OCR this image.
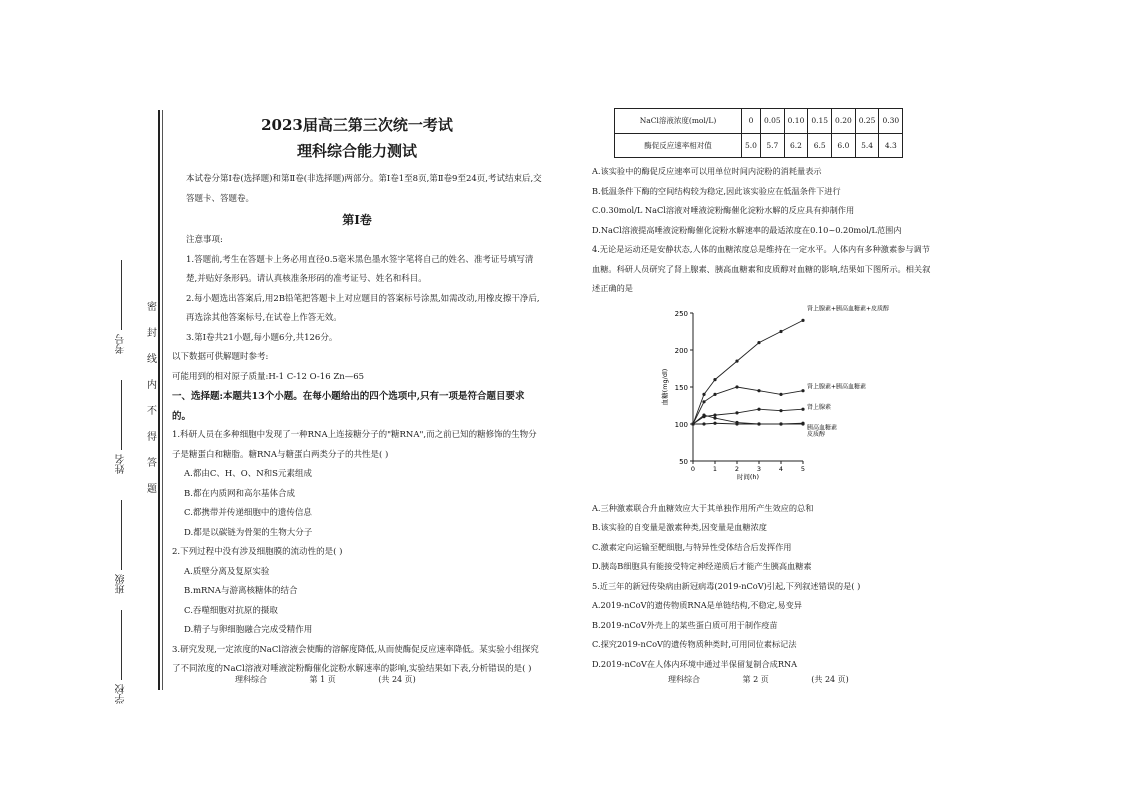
考号
姓名
班级
学校
密
封
线
内
不
得
答
题

2023届高三第三次统一考试

理科综合能力测试

本试卷分第Ⅰ卷(选择题)和第Ⅱ卷(非选择题)两部分。第Ⅰ卷1至8页,第Ⅱ卷9至24页,考试结束后,交答题卡、答题卷。

第Ⅰ卷

注意事项:

1.答题前,考生在答题卡上务必用直径0.5毫米黑色墨水签字笔将自己的姓名、准考证号填写清楚,并贴好条形码。请认真核准条形码的准考证号、姓名和科目。

2.每小题选出答案后,用2B铅笔把答题卡上对应题目的答案标号涂黑,如需改动,用橡皮擦干净后,再选涂其他答案标号,在试卷上作答无效。

3.第Ⅰ卷共21小题,每小题6分,共126分。

以下数据可供解题时参考:

可能用到的相对原子质量:H-1 C-12 O-16 Zn—65

一、选择题:本题共13个小题。在每小题给出的四个选项中,只有一项是符合题目要求的。

1.科研人员在多种细胞中发现了一种RNA上连接糖分子的"糖RNA",而之前已知的糖修饰的生物分子是糖蛋白和糖脂。糖RNA与糖蛋白两类分子的共性是( )

A.都由C、H、O、N和S元素组成

B.都在内质网和高尔基体合成

C.都携带并传递细胞中的遗传信息

D.都是以碳链为骨架的生物大分子

2.下列过程中没有涉及细胞膜的流动性的是( )

A.质壁分离及复原实验

B.mRNA与游离核糖体的结合

C.吞噬细胞对抗原的摄取

D.精子与卵细胞融合完成受精作用

3.研究发现,一定浓度的NaCl溶液会使酶的溶解度降低,从而使酶促反应速率降低。某实验小组探究了不同浓度的NaCl溶液对唾液淀粉酶催化淀粉水解速率的影响,实验结果如下表,分析错误的是( )

理科综合	第 1 页	(共 24 页)
NaCl溶液浓度(mol/L)	0	0.05	0.10	0.15	0.20	0.25	0.30
酶促反应速率相对值	5.0	5.7	6.2	6.5	6.0	5.4	4.3

A.该实验中的酶促反应速率可以用单位时间内淀粉的消耗量表示

B.低温条件下酶的空间结构较为稳定,因此该实验应在低温条件下进行

C.0.30mol/L NaCl溶液对唾液淀粉酶催化淀粉水解的反应具有抑制作用

D.NaCl溶液提高唾液淀粉酶催化淀粉水解速率的最适浓度在0.10~0.20mol/L范围内

4.无论是运动还是安静状态,人体的血糖浓度总是维持在一定水平。人体内有多种激素参与调节血糖。科研人员研究了肾上腺素、胰高血糖素和皮质醇对血糖的影响,结果如下图所示。相关叙述正确的是

A.三种激素联合升血糖效应大于其单独作用所产生效应的总和

B.该实验的自变量是激素种类,因变量是血糖浓度

C.激素定向运输至靶细胞,与特异性受体结合后发挥作用

D.胰岛B细胞具有能接受特定神经递质后才能产生胰高血糖素

5.近三年的新冠传染病由新冠病毒(2019-nCoV)引起,下列叙述错误的是( )

A.2019-nCoV的遗传物质RNA是单链结构,不稳定,易变异

B.2019-nCoV外壳上的某些蛋白质可用于制作疫苗

C.探究2019-nCoV的遗传物质种类时,可用同位素标记法

D.2019-nCoV在人体内环境中通过半保留复制合成RNA

理科综合	第 2 页	(共 24 页)
50
100
150
200
250
0	1	2	3	4	5
时间(h)
血糖(mg/dl)
肾上腺素+胰高血糖素+皮质醇
肾上腺素+胰高血糖素
肾上腺素
胰高血糖素
皮质醇
